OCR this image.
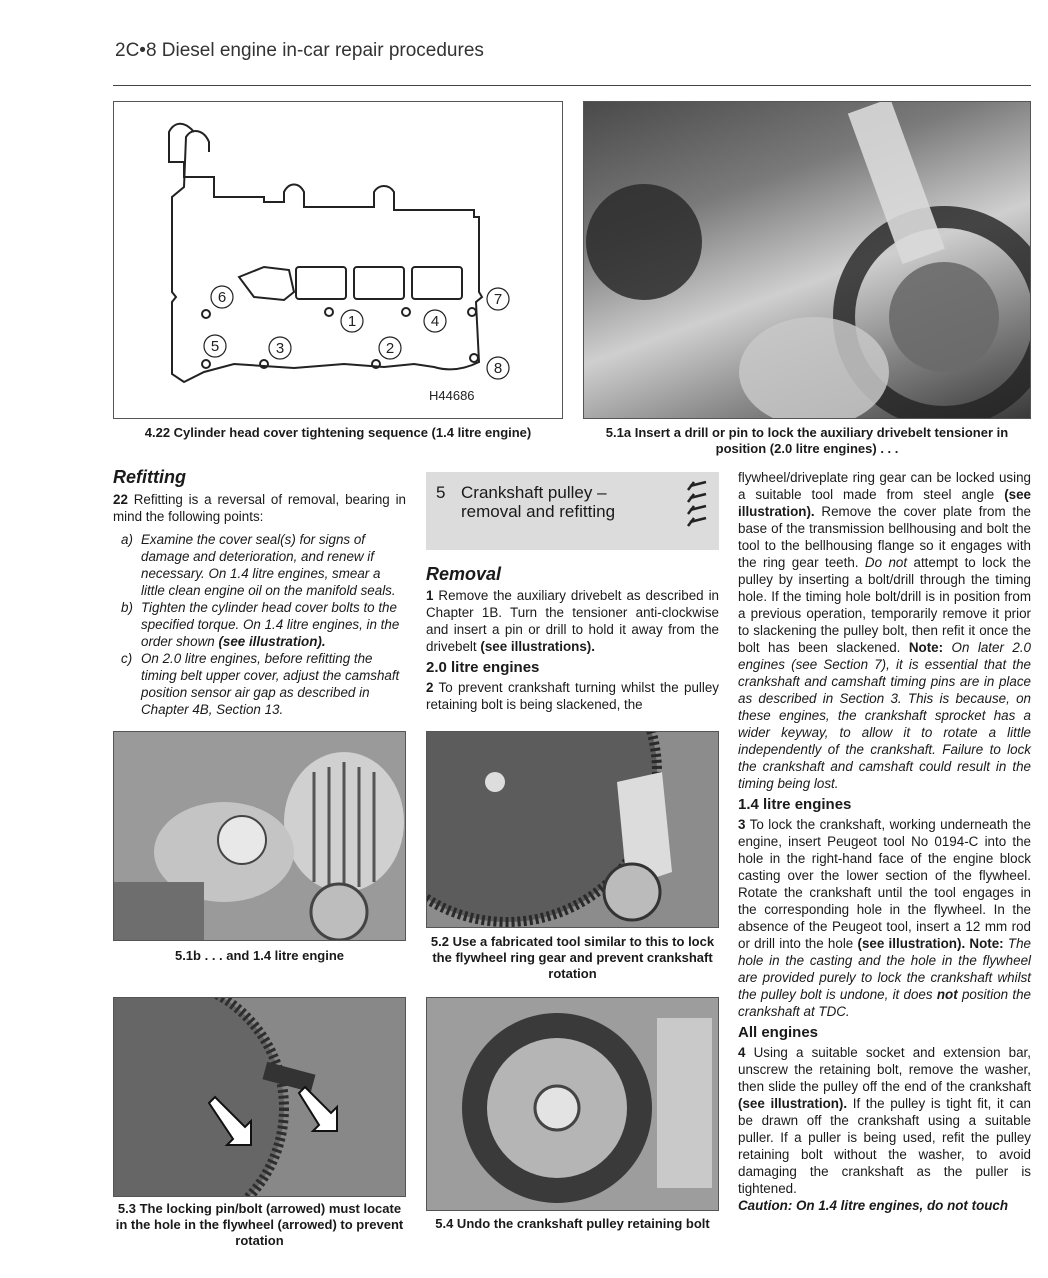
2C•8 Diesel engine in-car repair procedures
1
2
3
4
5
6	7
8
H44686
4.22 Cylinder head cover tightening sequence (1.4 litre engine)	5.1a Insert a drill or pin to lock the auxiliary drivebelt tensioner in position (2.0 litre engines) . . .
Refitting

22 Refitting is a reversal of removal, bearing in mind the following points:

a) Examine the cover seal(s) for signs of damage and deterioration, and renew if necessary. On 1.4 litre engines, smear a little clean engine oil on the manifold seals.
b) Tighten the cylinder head cover bolts to the specified torque. On 1.4 litre engines, in the order shown (see illustration).
c) On 2.0 litre engines, before refitting the timing belt upper cover, adjust the camshaft position sensor air gap as described in Chapter 4B, Section 13.
5 Crankshaft pulley –
removal and refitting
Removal

1 Remove the auxiliary drivebelt as described in Chapter 1B. Turn the tensioner anti-clockwise and insert a pin or drill to hold it away from the drivebelt (see illustrations).

2.0 litre engines

2 To prevent crankshaft turning whilst the pulley retaining bolt is being slackened, the

flywheel/driveplate ring gear can be locked using a suitable tool made from steel angle (see illustration). Remove the cover plate from the base of the transmission bellhousing and bolt the tool to the bellhousing flange so it engages with the ring gear teeth. Do not attempt to lock the pulley by inserting a bolt/drill through the timing hole. If the timing hole bolt/drill is in position from a previous operation, temporarily remove it prior to slackening the pulley bolt, then refit it once the bolt has been slackened. Note: On later 2.0 engines (see Section 7), it is essential that the crankshaft and camshaft timing pins are in place as described in Section 3. This is because, on these engines, the crankshaft sprocket has a wider keyway, to allow it to rotate a little independently of the crankshaft. Failure to lock the crankshaft and camshaft could result in the timing being lost.

1.4 litre engines

3 To lock the crankshaft, working underneath the engine, insert Peugeot tool No 0194-C into the hole in the right-hand face of the engine block casting over the lower section of the flywheel. Rotate the crankshaft until the tool engages in the corresponding hole in the flywheel. In the absence of the Peugeot tool, insert a 12 mm rod or drill into the hole (see illustration). Note: The hole in the casting and the hole in the flywheel are provided purely to lock the crankshaft whilst the pulley bolt is undone, it does not position the crankshaft at TDC.

All engines

4 Using a suitable socket and extension bar, unscrew the retaining bolt, remove the washer, then slide the pulley off the end of the crankshaft (see illustration). If the pulley is tight fit, it can be drawn off the crankshaft using a suitable puller. If a puller is being used, refit the pulley retaining bolt without the washer, to avoid damaging the crankshaft as the puller is tightened.

Caution: On 1.4 litre engines, do not touch

5.1b . . . and 1.4 litre engine
5.2 Use a fabricated tool similar to this to lock the flywheel ring gear and prevent crankshaft rotation
5.3 The locking pin/bolt (arrowed) must locate in the hole in the flywheel (arrowed) to prevent rotation
5.4 Undo the crankshaft pulley retaining bolt
